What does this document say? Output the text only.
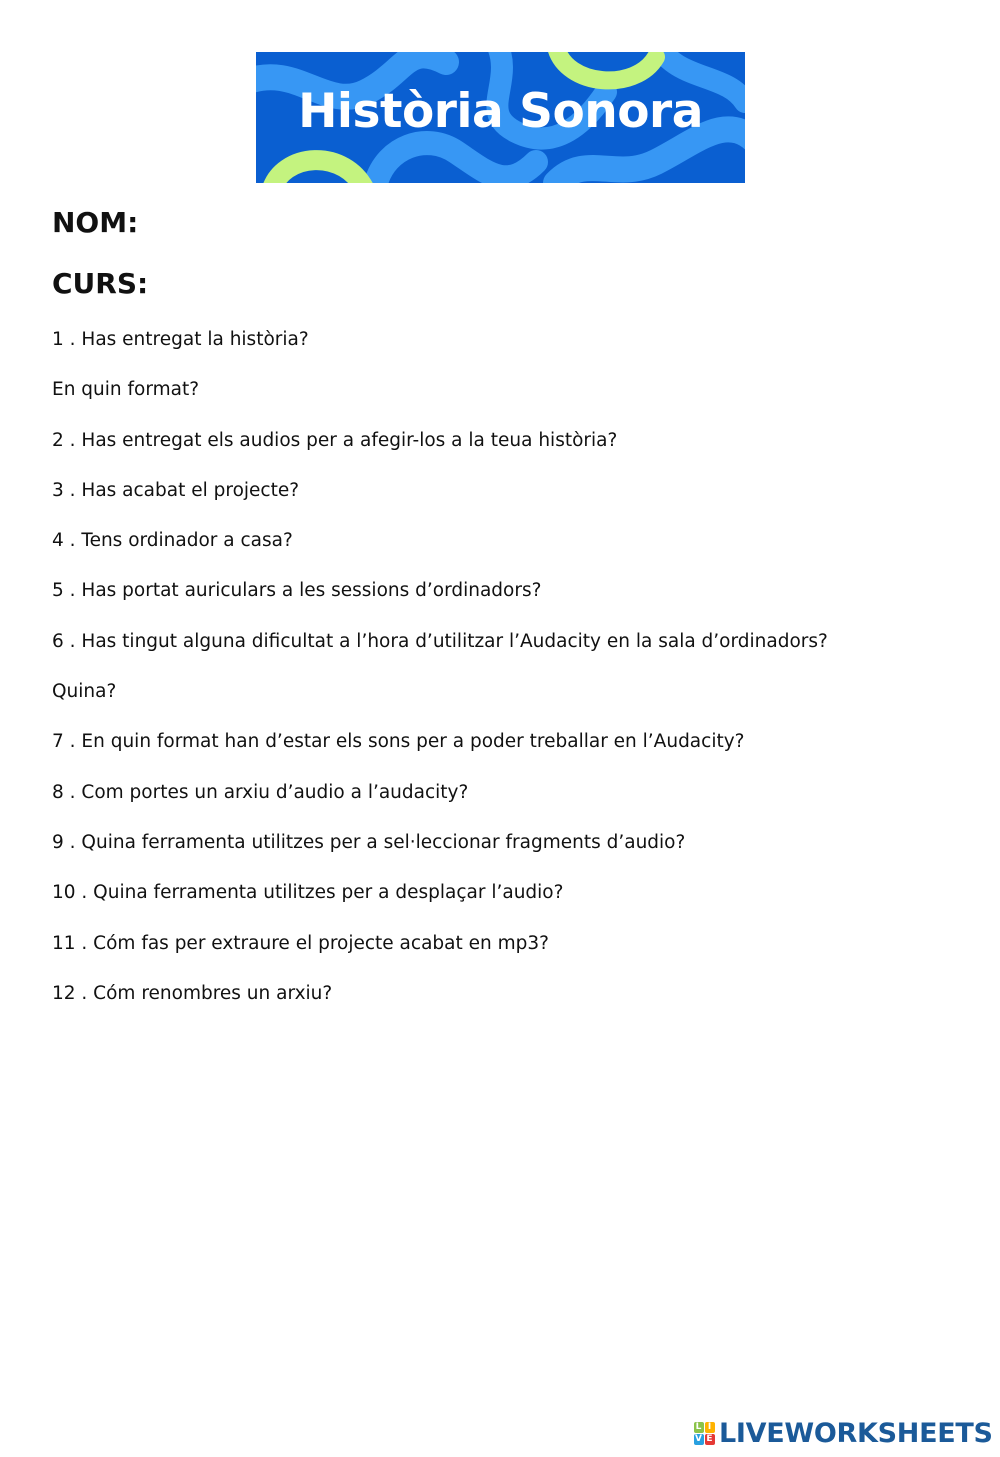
Història Sonora
NOM:
CURS:
1 . Has entregat la història?
En quin format?
2 . Has entregat els audios per a afegir-los a la teua història?
3 . Has acabat el projecte?
4 . Tens ordinador a casa?
5 . Has portat auriculars a les sessions d’ordinadors?
6 . Has tingut alguna dificultat a l’hora d’utilitzar l’Audacity en la sala d’ordinadors?
Quina?
7 . En quin format han d’estar els sons per a poder treballar en l’Audacity?
8 . Com portes un arxiu d’audio a l’audacity?
9 . Quina ferramenta utilitzes per a sel·leccionar fragments d’audio?
10 . Quina ferramenta utilitzes per a desplaçar l’audio?
11 . Cóm fas per extraure el projecte acabat en mp3?
12 . Cóm renombres un arxiu?
L I
V E LIVEWORKSHEETS
